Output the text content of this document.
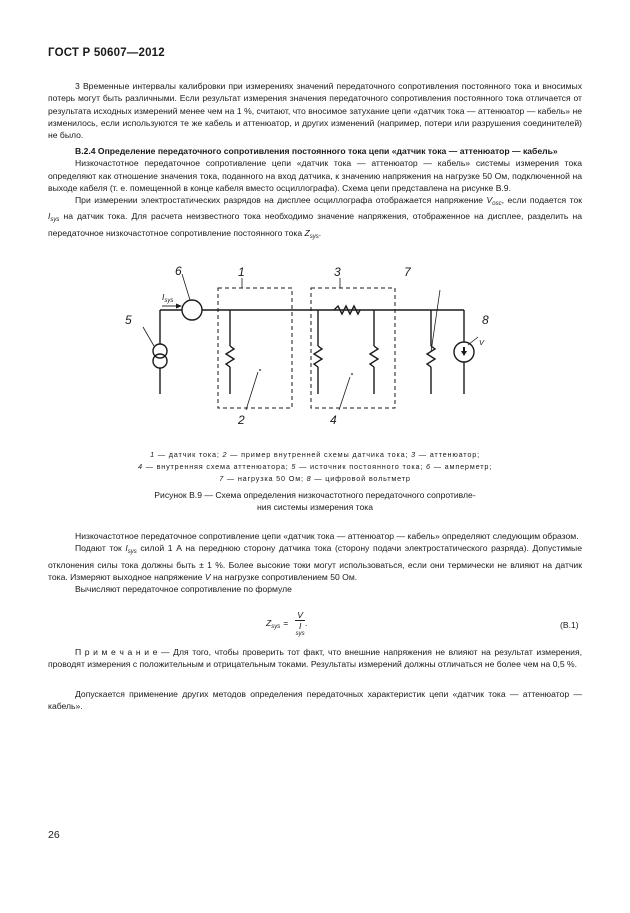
ГОСТ Р 50607—2012

3 Временные интервалы калибровки при измерениях значений передаточного сопротивления постоянного тока и вносимых потерь могут быть различными. Если результат измерения значения передаточного сопротивления постоянного тока отличается от результата исходных измерений менее чем на 1 %, считают, что вносимое затухание цепи «датчик тока — аттенюатор — кабель» не изменилось, если используются те же кабель и аттенюатор, и других изменений (например, потери или разрушения соединителей) не было.

В.2.4 Определение передаточного сопротивления постоянного тока цепи «датчик тока — аттенюатор — кабель»

Низкочастотное передаточное сопротивление цепи «датчик тока — аттенюатор — кабель» системы измерения тока определяют как отношение значения тока, поданного на вход датчика, к значению напряжения на нагрузке 50 Ом, подключенной на выходе кабеля (т. е. помещенной в конце кабеля вместо осциллографа). Схема цепи представлена на рисунке В.9.

При измерении электростатических разрядов на дисплее осциллографа отображается напряжение $V_{osc}$, если подается ток $I_{sys}$ на датчик тока. Для расчета неизвестного тока необходимо значение напряжения, отображенное на дисплее, разделить на передаточное низкочастотное сопротивление постоянного тока $Z_{sys}$.

6	1	3	7
5	8
2	4
$I_{sys}$
V
1 — датчик тока; 2 — пример внутренней схемы датчика тока; 3 — аттенюатор;
4 — внутренняя схема аттенюатора; 5 — источник постоянного тока; 6 — амперметр;
7 — нагрузка 50 Ом; 8 — цифровой вольтметр
Рисунок В.9 — Схема определения низкочастотного передаточного сопротивле-
ния системы измерения тока

Низкочастотное передаточное сопротивление цепи «датчик тока — аттенюатор — кабель» определяют следующим образом.

Подают ток $I_{sys}$ силой 1 А на переднюю сторону датчика тока (сторону подачи электростатического разряда). Допустимые отклонения силы тока должны быть ± 1 %. Более высокие токи могут использоваться, если они термически не влияют на датчик тока. Измеряют выходное напряжение V на нагрузке сопротивлением 50 Ом.

Вычисляют передаточное сопротивление по формуле

$Z_{sys} = V$
I
sys .	(В.1)

П р и м е ч а н и е — Для того, чтобы проверить тот факт, что внешние напряжения не влияют на результат измерения, проводят измерения с положительным и отрицательным токами. Результаты измерений должны отличаться не более чем на 0,5 %.

Допускается применение других методов определения передаточных характеристик цепи «датчик тока — аттенюатор — кабель».

26
